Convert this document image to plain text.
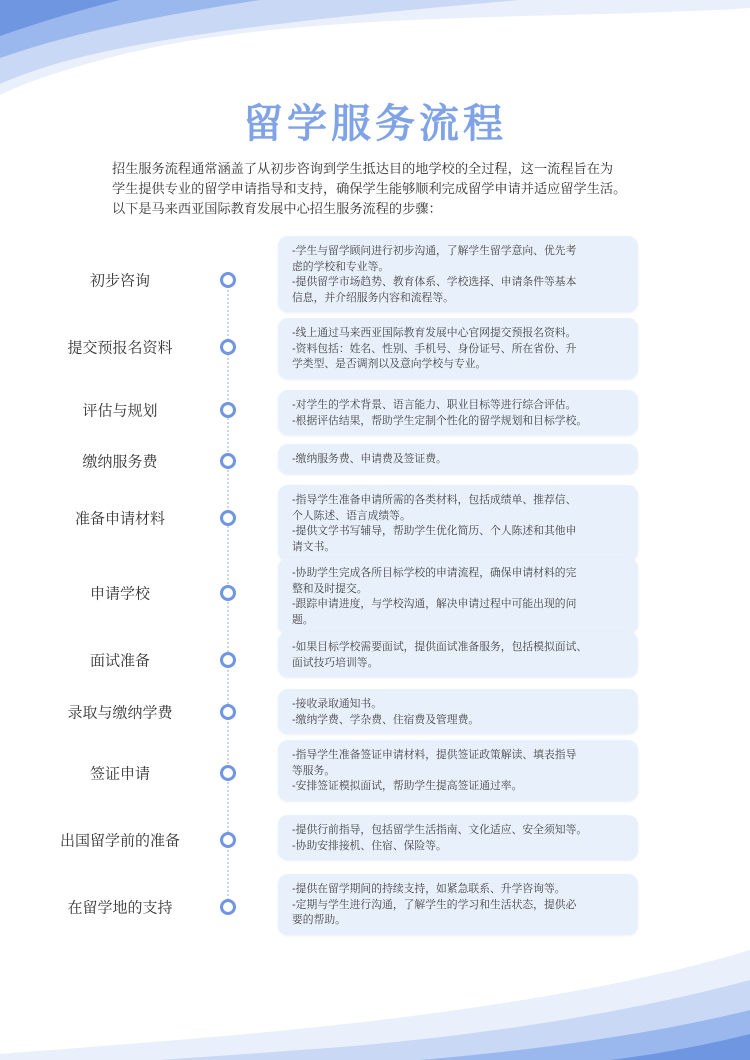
留学服务流程

招生服务流程通常涵盖了从初步咨询到学生抵达目的地学校的全过程，这一流程旨在为

学生提供专业的留学申请指导和支持，确保学生能够顺利完成留学申请并适应留学生活。

以下是马来西亚国际教育发展中心招生服务流程的步骤：

初步咨询
-学生与留学顾问进行初步沟通，了解学生留学意向、优先考
虑的学校和专业等。
-提供留学市场趋势、教育体系、学校选择、申请条件等基本
信息，并介绍服务内容和流程等。
提交预报名资料
-线上通过马来西亚国际教育发展中心官网提交预报名资料。
-资料包括：姓名、性别、手机号、身份证号、所在省份、升
学类型、是否调剂以及意向学校与专业。
评估与规划	-对学生的学术背景、语言能力、职业目标等进行综合评估。
-根据评估结果，帮助学生定制个性化的留学规划和目标学校。
缴纳服务费	-缴纳服务费、申请费及签证费。
准备申请材料
-指导学生准备申请所需的各类材料，包括成绩单、推荐信、
个人陈述、语言成绩等。
-提供文学书写辅导，帮助学生优化简历、个人陈述和其他申
请文书。
申请学校
-协助学生完成各所目标学校的申请流程，确保申请材料的完
整和及时提交。
-跟踪申请进度，与学校沟通，解决申请过程中可能出现的问
题。
面试准备
-如果目标学校需要面试，提供面试准备服务，包括模拟面试、
面试技巧培训等。
录取与缴纳学费	-接收录取通知书。
-缴纳学费、学杂费、住宿费及管理费。
签证申请
-指导学生准备签证申请材料，提供签证政策解读、填表指导
等服务。
-安排签证模拟面试，帮助学生提高签证通过率。
出国留学前的准备
-提供行前指导，包括留学生活指南、文化适应、安全须知等。
-协助安排接机、住宿、保险等。
在留学地的支持
-提供在留学期间的持续支持，如紧急联系、升学咨询等。
-定期与学生进行沟通，了解学生的学习和生活状态，提供必
要的帮助。
